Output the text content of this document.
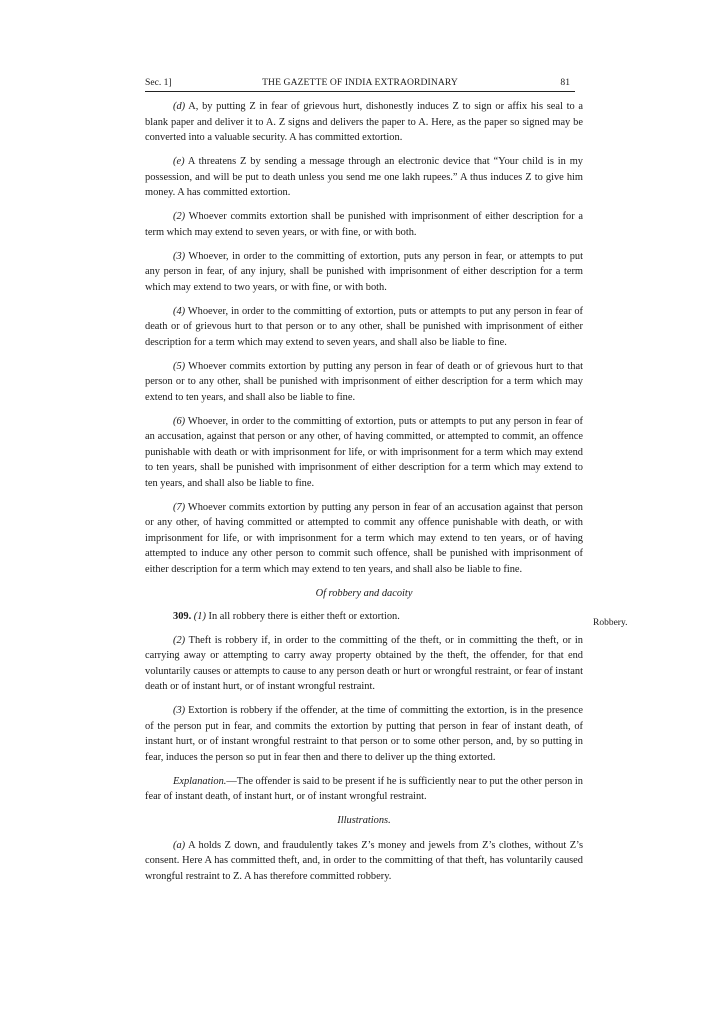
Sec. 1]	THE GAZETTE OF INDIA EXTRAORDINARY	81

(d) A, by putting Z in fear of grievous hurt, dishonestly induces Z to sign or affix his seal to a blank paper and deliver it to A. Z signs and delivers the paper to A. Here, as the paper so signed may be converted into a valuable security. A has committed extortion.

(e) A threatens Z by sending a message through an electronic device that “Your child is in my possession, and will be put to death unless you send me one lakh rupees.” A thus induces Z to give him money. A has committed extortion.

(2) Whoever commits extortion shall be punished with imprisonment of either description for a term which may extend to seven years, or with fine, or with both.

(3) Whoever, in order to the committing of extortion, puts any person in fear, or attempts to put any person in fear, of any injury, shall be punished with imprisonment of either description for a term which may extend to two years, or with fine, or with both.

(4) Whoever, in order to the committing of extortion, puts or attempts to put any person in fear of death or of grievous hurt to that person or to any other, shall be punished with imprisonment of either description for a term which may extend to seven years, and shall also be liable to fine.

(5) Whoever commits extortion by putting any person in fear of death or of grievous hurt to that person or to any other, shall be punished with imprisonment of either description for a term which may extend to ten years, and shall also be liable to fine.

(6) Whoever, in order to the committing of extortion, puts or attempts to put any person in fear of an accusation, against that person or any other, of having committed, or attempted to commit, an offence punishable with death or with imprisonment for life, or with imprisonment for a term which may extend to ten years, shall be punished with imprisonment of either description for a term which may extend to ten years, and shall also be liable to fine.

(7) Whoever commits extortion by putting any person in fear of an accusation against that person or any other, of having committed or attempted to commit any offence punishable with death, or with imprisonment for life, or with imprisonment for a term which may extend to ten years, or of having attempted to induce any other person to commit such offence, shall be punished with imprisonment of either description for a term which may extend to ten years, and shall also be liable to fine.

Of robbery and dacoity

309. (1) In all robbery there is either theft or extortion.

(2) Theft is robbery if, in order to the committing of the theft, or in committing the theft, or in carrying away or attempting to carry away property obtained by the theft, the offender, for that end voluntarily causes or attempts to cause to any person death or hurt or wrongful restraint, or fear of instant death or of instant hurt, or of instant wrongful restraint.

(3) Extortion is robbery if the offender, at the time of committing the extortion, is in the presence of the person put in fear, and commits the extortion by putting that person in fear of instant death, of instant hurt, or of instant wrongful restraint to that person or to some other person, and, by so putting in fear, induces the person so put in fear then and there to deliver up the thing extorted.

Explanation.—The offender is said to be present if he is sufficiently near to put the other person in fear of instant death, of instant hurt, or of instant wrongful restraint.

Illustrations.

(a) A holds Z down, and fraudulently takes Z’s money and jewels from Z’s clothes, without Z’s consent. Here A has committed theft, and, in order to the committing of that theft, has voluntarily caused wrongful restraint to Z. A has therefore committed robbery.

Robbery.
